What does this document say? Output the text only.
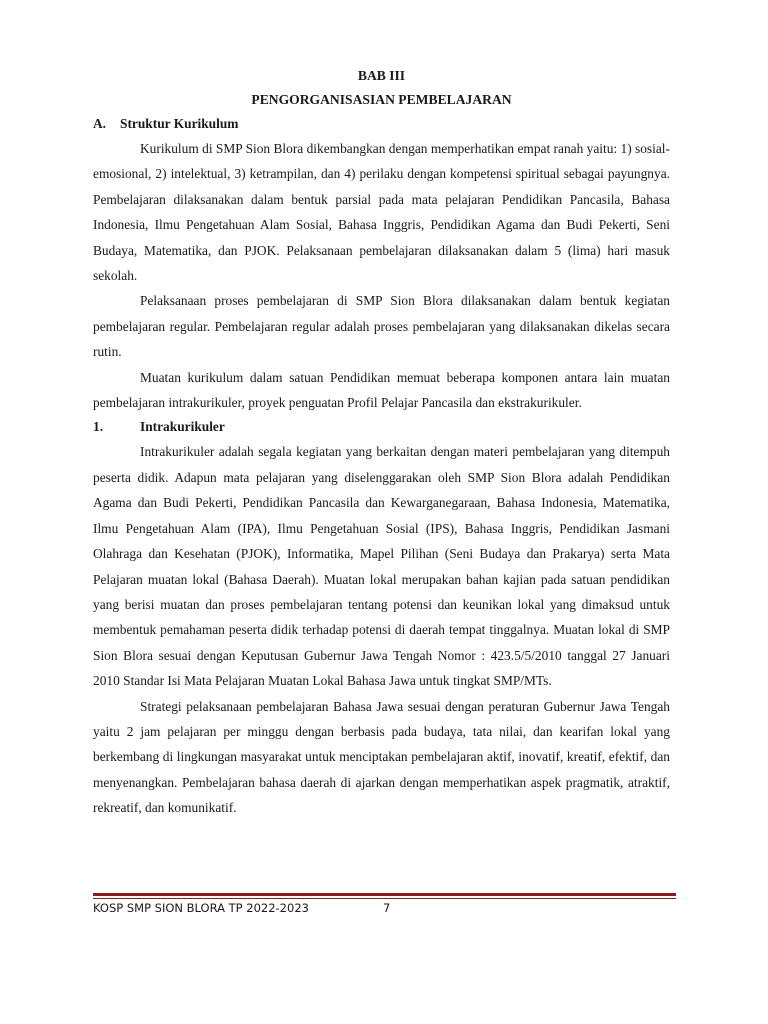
BAB III
PENGORGANISASIAN PEMBELAJARAN
A.	Struktur Kurikulum

Kurikulum di SMP Sion Blora dikembangkan dengan memperhatikan empat ranah yaitu: 1) sosial-emosional, 2) intelektual, 3) ketrampilan, dan 4) perilaku dengan kompetensi spiritual sebagai payungnya. Pembelajaran dilaksanakan dalam bentuk parsial pada mata pelajaran Pendidikan Pancasila, Bahasa Indonesia, Ilmu Pengetahuan Alam Sosial, Bahasa Inggris, Pendidikan Agama dan Budi Pekerti, Seni Budaya, Matematika, dan PJOK. Pelaksanaan pembelajaran dilaksanakan dalam 5 (lima) hari masuk sekolah.

Pelaksanaan proses pembelajaran di SMP Sion Blora dilaksanakan dalam bentuk kegiatan pembelajaran regular. Pembelajaran regular adalah proses pembelajaran yang dilaksanakan dikelas secara rutin.

Muatan kurikulum dalam satuan Pendidikan memuat beberapa komponen antara lain muatan pembelajaran intrakurikuler, proyek penguatan Profil Pelajar Pancasila dan ekstrakurikuler.

1.	Intrakurikuler

Intrakurikuler adalah segala kegiatan yang berkaitan dengan materi pembelajaran yang ditempuh peserta didik. Adapun mata pelajaran yang diselenggarakan oleh SMP Sion Blora adalah Pendidikan Agama dan Budi Pekerti, Pendidikan Pancasila dan Kewarganegaraan, Bahasa Indonesia, Matematika, Ilmu Pengetahuan Alam (IPA), Ilmu Pengetahuan Sosial (IPS), Bahasa Inggris, Pendidikan Jasmani Olahraga dan Kesehatan (PJOK), Informatika, Mapel Pilihan (Seni Budaya dan Prakarya) serta Mata Pelajaran muatan lokal (Bahasa Daerah). Muatan lokal merupakan bahan kajian pada satuan pendidikan yang berisi muatan dan proses pembelajaran tentang potensi dan keunikan lokal yang dimaksud untuk membentuk pemahaman peserta didik terhadap potensi di daerah tempat tinggalnya. Muatan lokal di SMP Sion Blora sesuai dengan Keputusan Gubernur Jawa Tengah Nomor : 423.5/5/2010 tanggal 27 Januari 2010 Standar Isi Mata Pelajaran Muatan Lokal Bahasa Jawa untuk tingkat SMP/MTs.

Strategi pelaksanaan pembelajaran Bahasa Jawa sesuai dengan peraturan Gubernur Jawa Tengah yaitu 2 jam pelajaran per minggu dengan berbasis pada budaya, tata nilai, dan kearifan lokal yang berkembang di lingkungan masyarakat untuk menciptakan pembelajaran aktif, inovatif, kreatif, efektif, dan menyenangkan. Pembelajaran bahasa daerah di ajarkan dengan memperhatikan aspek pragmatik, atraktif, rekreatif, dan komunikatif.

KOSP SMP SION BLORA TP 2022-2023	7
